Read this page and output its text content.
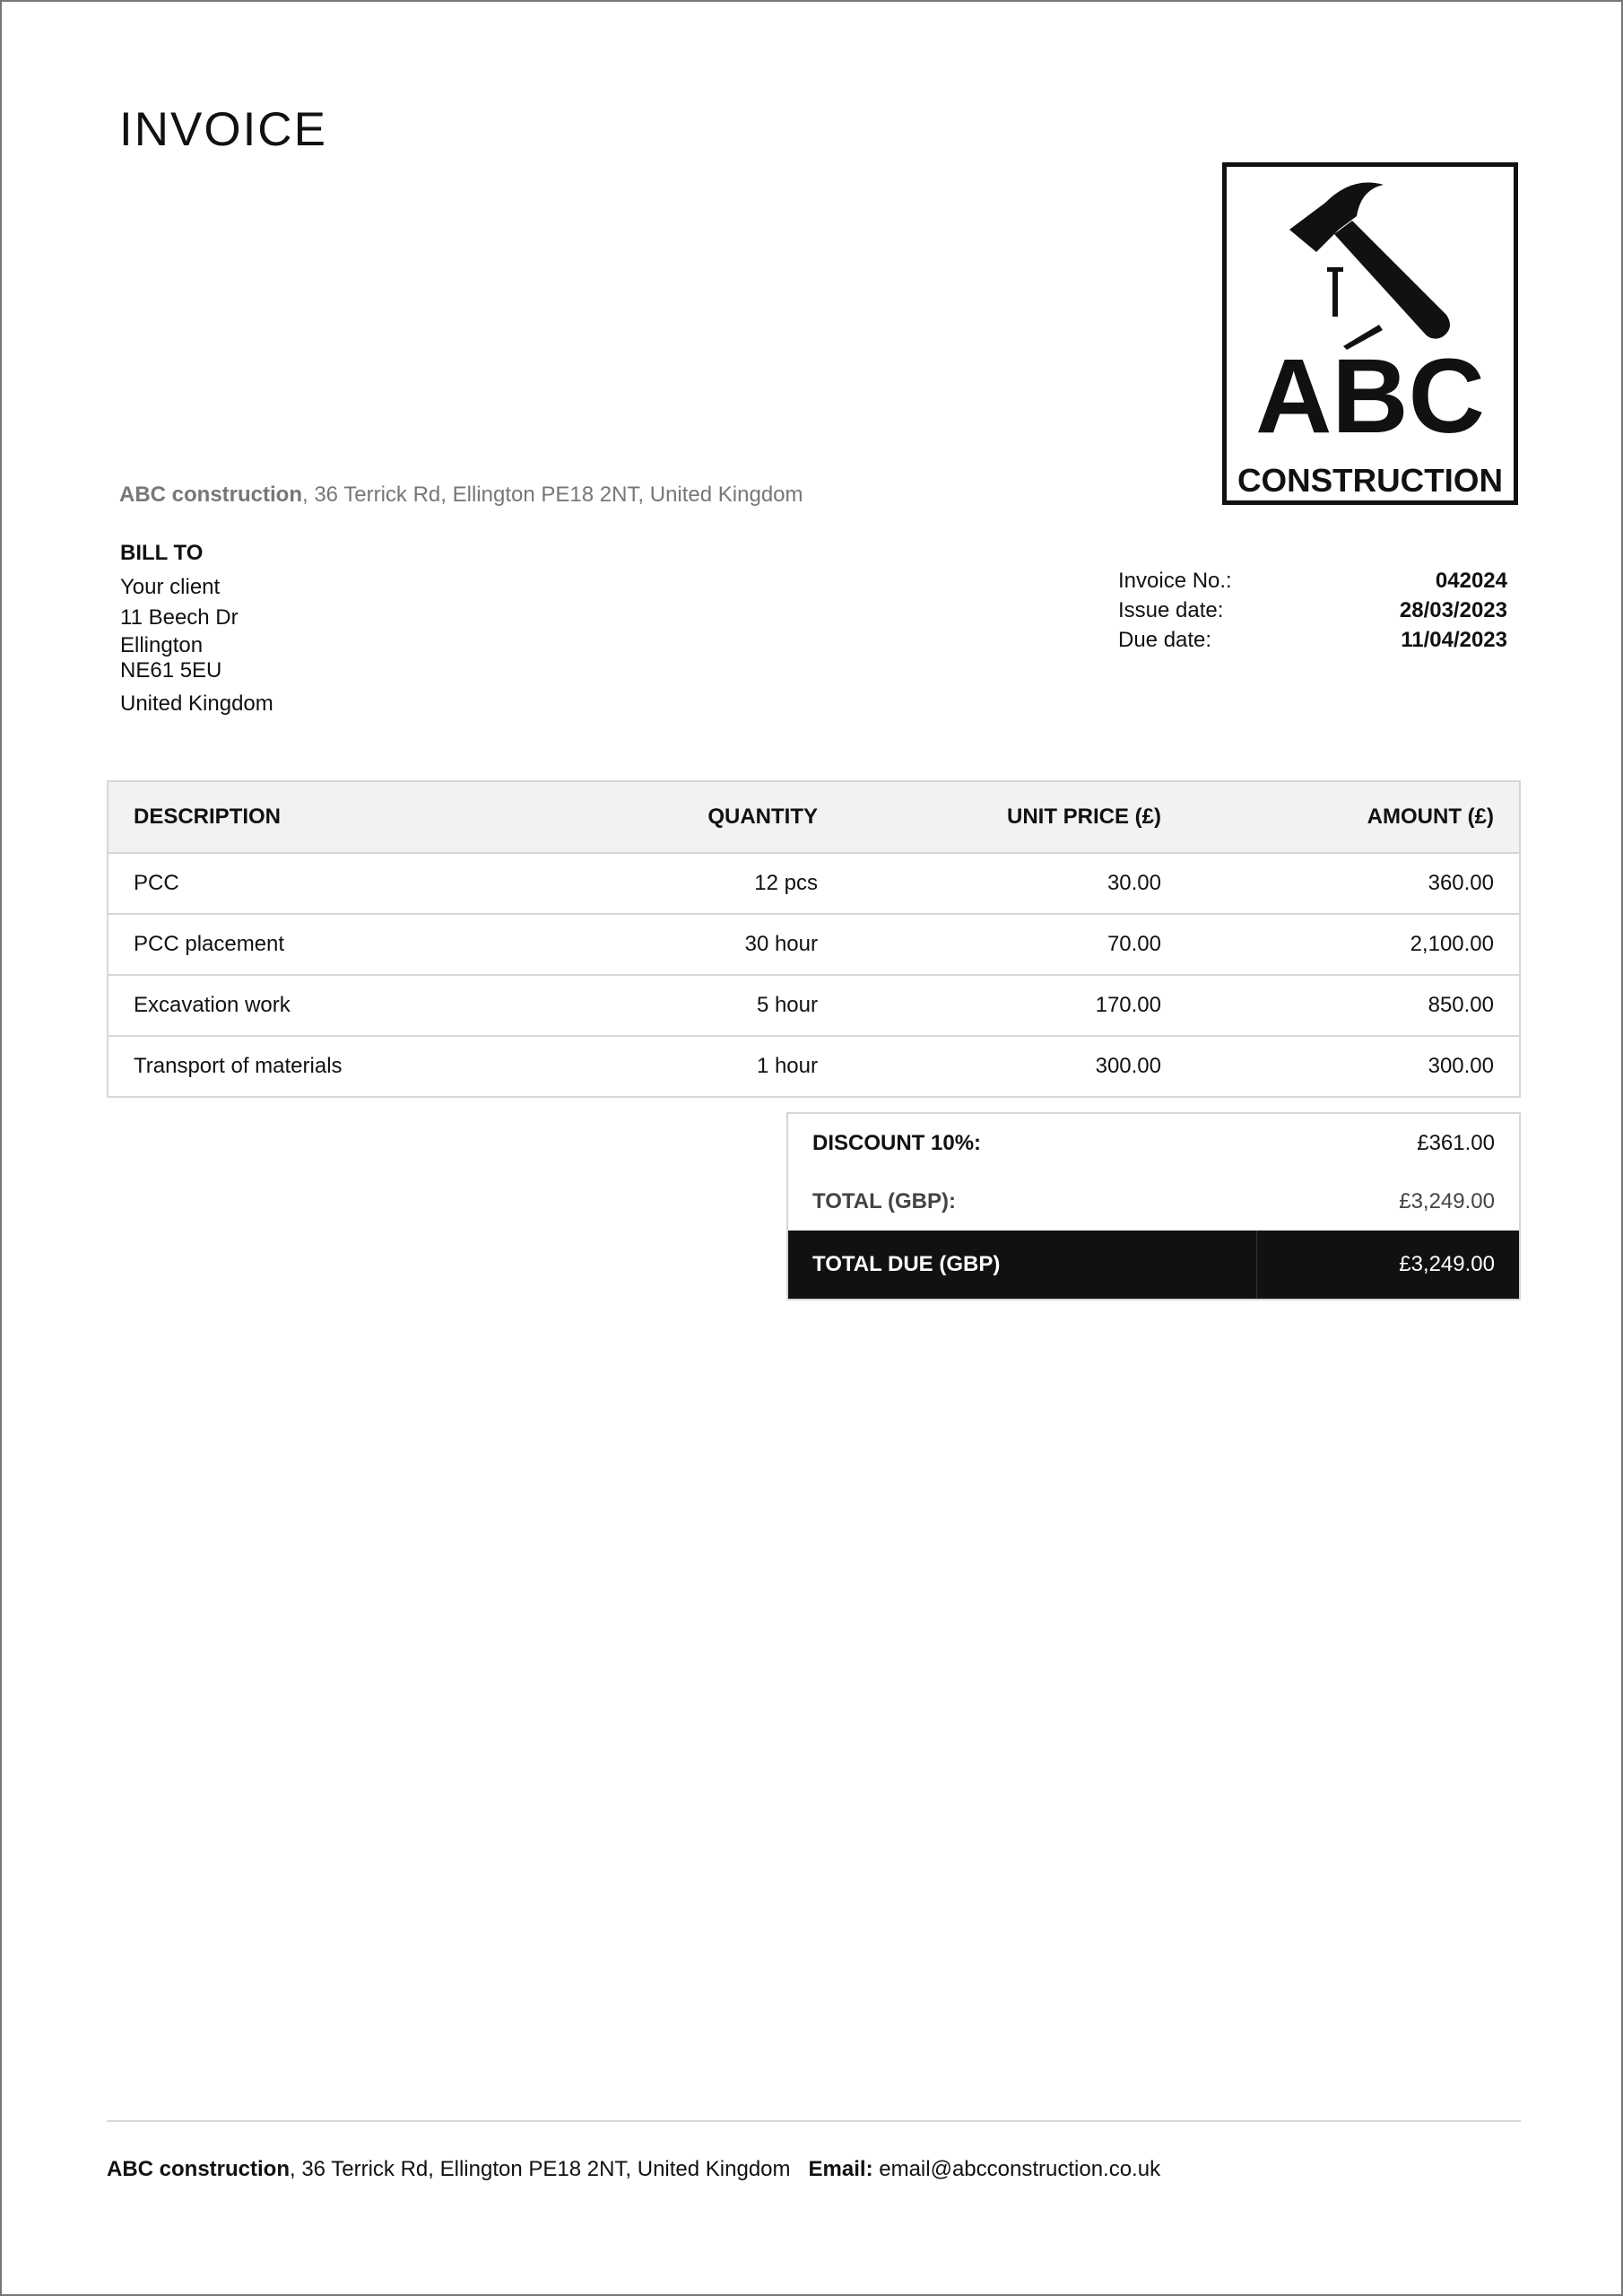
INVOICE
ABC
CONSTRUCTION
ABC construction, 36 Terrick Rd, Ellington PE18 2NT, United Kingdom
BILL TO
Your client
11 Beech Dr
Ellington
NE61 5EU
United Kingdom
Invoice No.:	042024
Issue date:	28/03/2023
Due date:	11/04/2023
DESCRIPTION	QUANTITY	UNIT PRICE (£)	AMOUNT (£)
PCC	12 pcs	30.00	360.00
PCC placement	30 hour	70.00	2,100.00
Excavation work	5 hour	170.00	850.00
Transport of materials	1 hour	300.00	300.00
DISCOUNT 10%:	£361.00
TOTAL (GBP):	£3,249.00
TOTAL DUE (GBP)	£3,249.00
ABC construction, 36 Terrick Rd, Ellington PE18 2NT, United Kingdom Email: email@abcconstruction.co.uk
